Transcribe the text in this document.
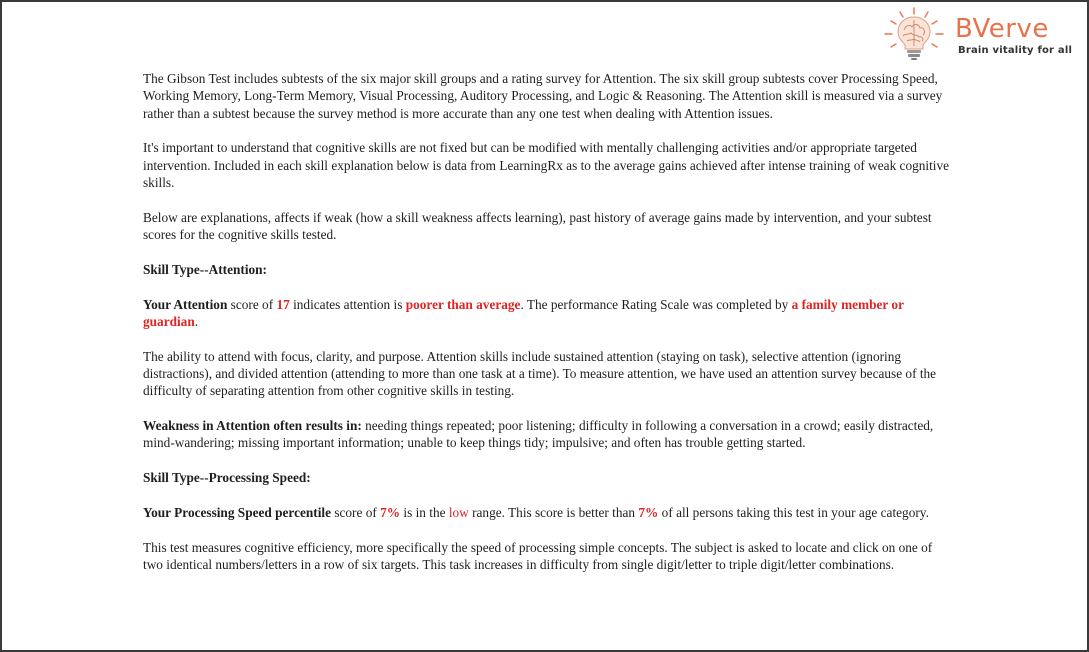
BVerve
Brain vitality for all

The Gibson Test includes subtests of the six major skill groups and a rating survey for Attention. The six skill group subtests cover Processing Speed, Working Memory, Long-Term Memory, Visual Processing, Auditory Processing, and Logic & Reasoning. The Attention skill is measured via a survey rather than a subtest because the survey method is more accurate than any one test when dealing with Attention issues.

It's important to understand that cognitive skills are not fixed but can be modified with mentally challenging activities and/or appropriate targeted intervention. Included in each skill explanation below is data from LearningRx as to the average gains achieved after intense training of weak cognitive skills.

Below are explanations, affects if weak (how a skill weakness affects learning), past history of average gains made by intervention, and your subtest scores for the cognitive skills tested.

Skill Type--Attention:

Your Attention score of 17 indicates attention is poorer than average. The performance Rating Scale was completed by a family member or guardian.

The ability to attend with focus, clarity, and purpose. Attention skills include sustained attention (staying on task), selective attention (ignoring distractions), and divided attention (attending to more than one task at a time). To measure attention, we have used an attention survey because of the difficulty of separating attention from other cognitive skills in testing.

Weakness in Attention often results in: needing things repeated; poor listening; difficulty in following a conversation in a crowd; easily distracted, mind-wandering; missing important information; unable to keep things tidy; impulsive; and often has trouble getting started.

Skill Type--Processing Speed:

Your Processing Speed percentile score of 7% is in the low range. This score is better than 7% of all persons taking this test in your age category.

This test measures cognitive efficiency, more specifically the speed of processing simple concepts. The subject is asked to locate and click on one of two identical numbers/letters in a row of six targets. This task increases in difficulty from single digit/letter to triple digit/letter combinations.
